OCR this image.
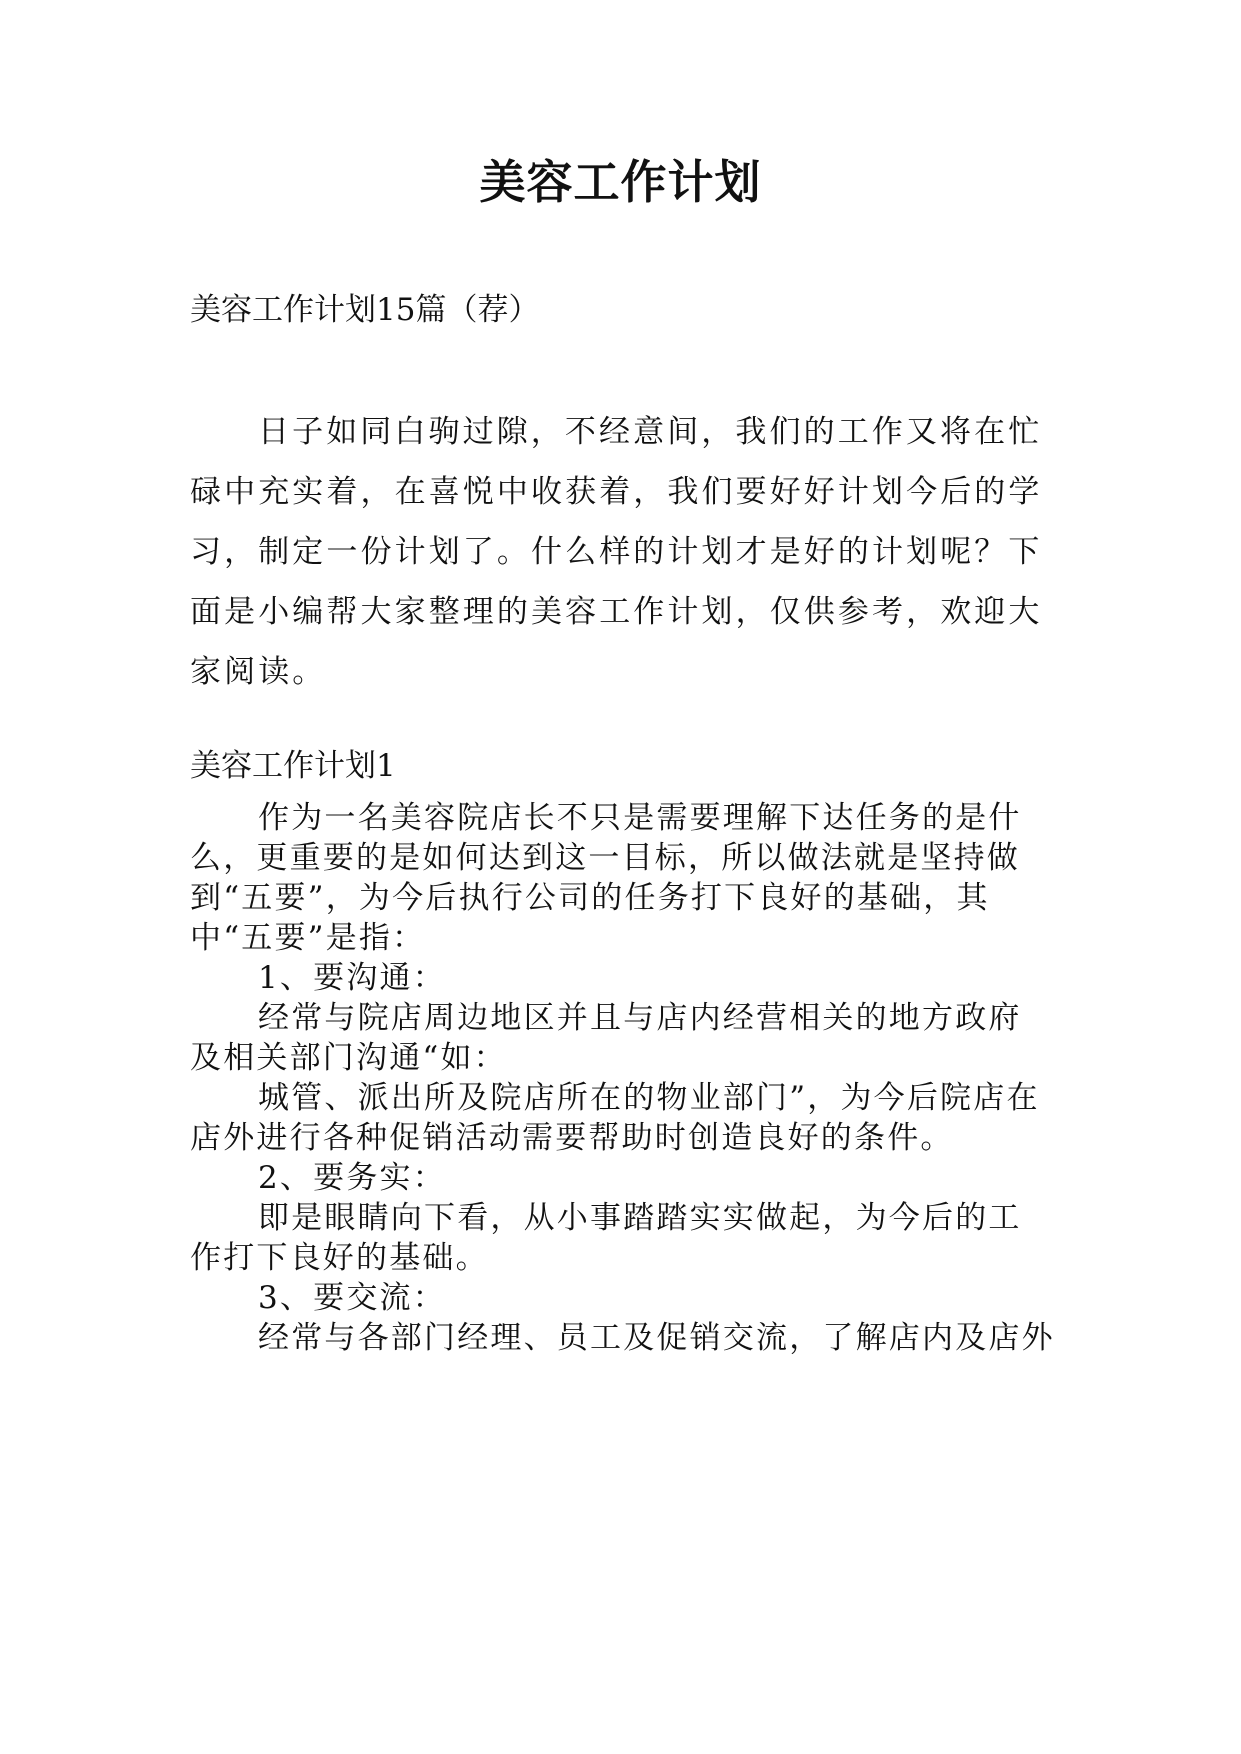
美容工作计划

美容工作计划15篇（荐）

日子如同白驹过隙，不经意间，我们的工作又将在忙碌中充实着，在喜悦中收获着，我们要好好计划今后的学习，制定一份计划了。什么样的计划才是好的计划呢？下面是小编帮大家整理的美容工作计划，仅供参考，欢迎大家阅读。

美容工作计划1

作为一名美容院店长不只是需要理解下达任务的是什么，更重要的是如何达到这一目标，所以做法就是坚持做到“五要”，为今后执行公司的任务打下良好的基础，其中“五要”是指：

1、要沟通：

经常与院店周边地区并且与店内经营相关的地方政府及相关部门沟通“如：

城管、派出所及院店所在的物业部门”，为今后院店在店外进行各种促销活动需要帮助时创造良好的条件。

2、要务实：

即是眼睛向下看，从小事踏踏实实做起，为今后的工作打下良好的基础。

3、要交流：

经常与各部门经理、员工及促销交流，了解店内及店外
